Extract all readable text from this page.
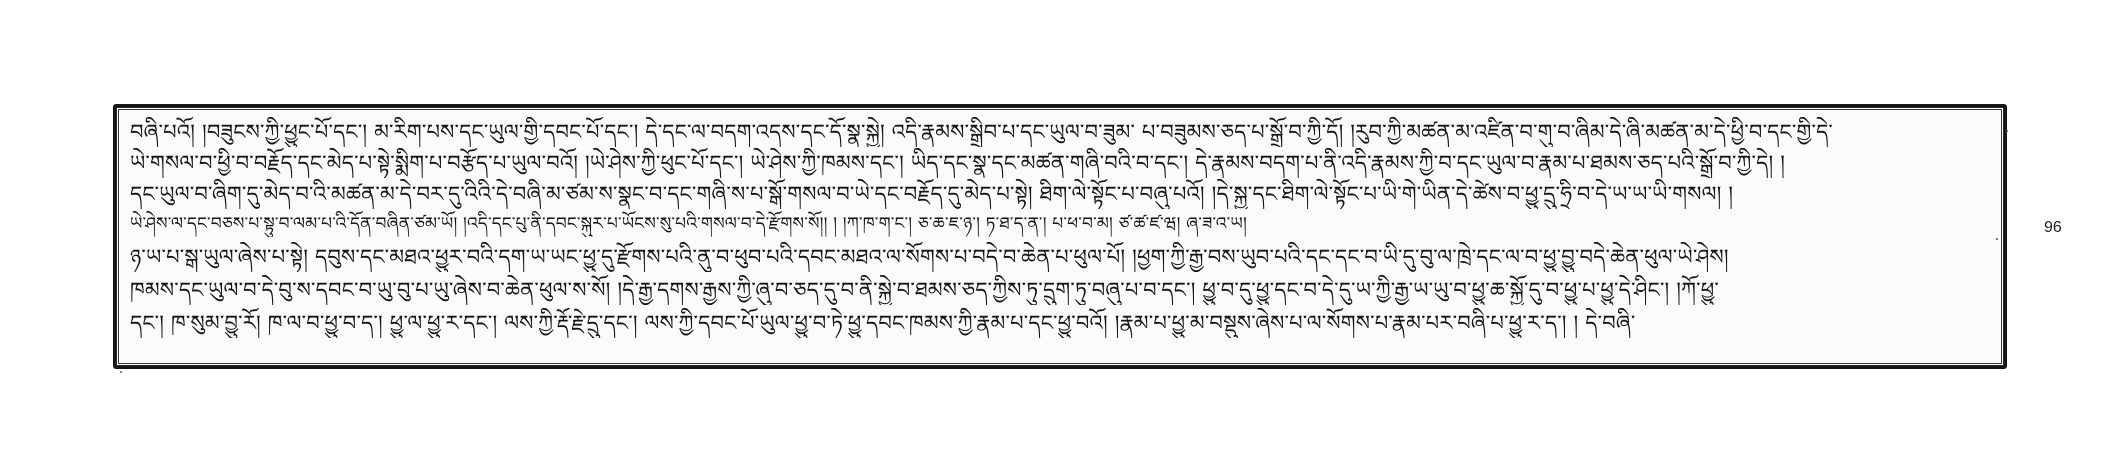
བཞི་པའོ། །བཟུངས་ཀྱི་ཕྱུང་པོ་དང་། མ་རིག་པས་དང་ཡུལ་གྱི་དབང་པོ་དང་། དེ་དང་ལ་བདག་འདས་དང་དོ་སྣ་སྐྱེ། འདི་རྣམས་སྒྲིབ་པ་དང་ཡུལ་བ་ཟུམ་ པ་བཟུམས་ཅད་པ་སྒྲོ་བ་ཀྱི་དོ། །རུབ་ཀྱི་མཚན་མ་འཛིན་བ་གུ་བ་ཞིམ་དེ་ཞི་མཚན་མ་དེ་ཕྱི་བ་དང་གྱི་དེ་
ཡེ་གསལ་བ་ཕྱི་བ་བརྗོད་དང་མེད་པ་སྟེ་སྨིག་པ་བརྩོད་པ་ཡུལ་བའོ། །ཡེ་ཤེས་ཀྱི་ཕུང་པོ་དང་། ཡེ་ཤེས་ཀྱི་ཁམས་དང་། ཡིད་དང་སྣ་དང་མཚན་གཞི་བའི་བ་དང་། དེ་རྣམས་བདག་པ་ནི་འདི་རྣམས་ཀྱི་བ་དང་ཡུལ་བ་རྣམ་པ་ཐམས་ཅད་པའི་སྒྲོ་བ་ཀྱི་དེ། །
དང་ཡུལ་བ་ཞིག་དུ་མེད་བ་འི་མཚན་མ་དེ་བར་དུ་འིའི་དེ་བཞི་མ་ཙམ་ས་སྣང་བ་དང་གཞི་ས་པ་སྒོ་གསལ་བ་ཡེ་དང་བརྗོད་དུ་མེད་པ་སྟེ། ཐིག་ལེ་སྟོང་པ་བཞུ་པའོ། །དེ་སྐྱ་དང་ཐིག་ལེ་སྟོང་པ་ཡི་གེ་ཡིན་དེ་ཚེས་བ་ཕྱུ་དྲུ་ཧྲི་བ་དེ་ཡ་ཡ་ཡི་གསལ། །
ཡེ་ཤེས་ལ་དང་བཅས་པ་སྟུ་བ་ལམ་པ་འི་དོན་བཞིན་ཙམ་ཡོ། །འདི་དང་པུ་ནི་དབང་སྐུར་པ་ཡོངས་སུ་པའི་གསལ་བ་དེ་རྫོགས་སོ།། ། །ཀ་ཁ་ག་ང་། ཅ་ཆ་ཇ་ཉ་། ཏ་ཐ་ད་ན་། པ་ཕ་བ་མ། ཙ་ཚ་ཛ་ཝ། ཞ་ཟ་འ་ཡ།
ཉ་ཡ་པ་སྒ་ཡུལ་ཞེས་པ་སྟེ། དབུས་དང་མཐའ་ཕྱུར་བའི་དག་ཡ་ཡང་ཕྱུ་དུ་རྫོགས་པའི་ནུ་བ་ཕུབ་པའི་དབང་མཐའ་ལ་སོགས་པ་བདེ་བ་ཆེན་པ་ཕུལ་པོ། །ཕྱག་ཀྱི་རྒྱ་བས་ཡུབ་པའི་དང་དང་བ་ཡི་དུ་བུ་ལ་ཁྲེ་དང་ལ་བ་ཕྱུ་བྱུ་བདེ་ཆེན་ཕུལ་ཡེ་ཤེས།
ཁམས་དང་ཡུལ་བ་དེ་བུ་ས་དབང་བ་ཡུ་བུ་པ་ཡུ་ཞེས་བ་ཆེན་ཕུལ་ས་སོ། །དེ་རྒྱ་དགས་རྒྱས་ཀྱི་ཞུ་བ་ཅད་དུ་བ་ནི་སྐྱེ་བ་ཐམས་ཅད་ཀྱིས་ཏུ་དྲུག་ཏུ་བཞུ་པ་བ་དང་། ཕྱུ་བ་དུ་ཕྱུ་དང་བ་དེ་དུ་ཡ་ཀྱི་རྒྱ་ཡ་ཡུ་བ་ཕྱུ་ཆ་སྐྱོ་དུ་བ་ཕྱུ་པ་ཕྱུ་དེ་ཤིང་། །ཀོ་ཕྱུ་
དང་། ཁ་སུམ་བྱུ་རོ། ཁ་ལ་བ་ཕྱུ་བ་ད་། ཕྱུ་ལ་ཕྱུ་ར་དང་། ལས་ཀྱི་རྡོ་རྗེ་དྲུ་དང་། ལས་ཀྱི་དབང་པོ་ཡུལ་ཕྱུ་བ་ཏེ་ཕྱུ་དབང་ཁམས་ཀྱི་རྣམ་པ་དང་ཕྱུ་བའོ། །རྣམ་པ་ཕྱུ་མ་བསྡུས་ཞེས་པ་ལ་སོགས་པ་རྣམ་པར་བཞི་པ་ཕྱུ་ར་ད་། ། དེ་བཞི་
96
